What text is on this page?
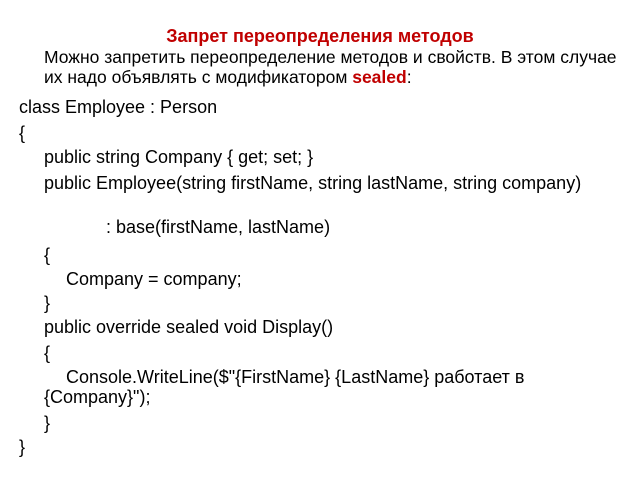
Запрет переопределения методов
Можно запретить переопределение методов и свойств. В этом случае их надо объявлять с модификатором sealed:
class Employee : Person
{
public string Company { get; set; }
public Employee(string firstName, string lastName, string company)
: base(firstName, lastName)
{
Company = company;
}
public override sealed void Display()
{
Console.WriteLine($"{FirstName} {LastName} работает в {Company}");
}
}
